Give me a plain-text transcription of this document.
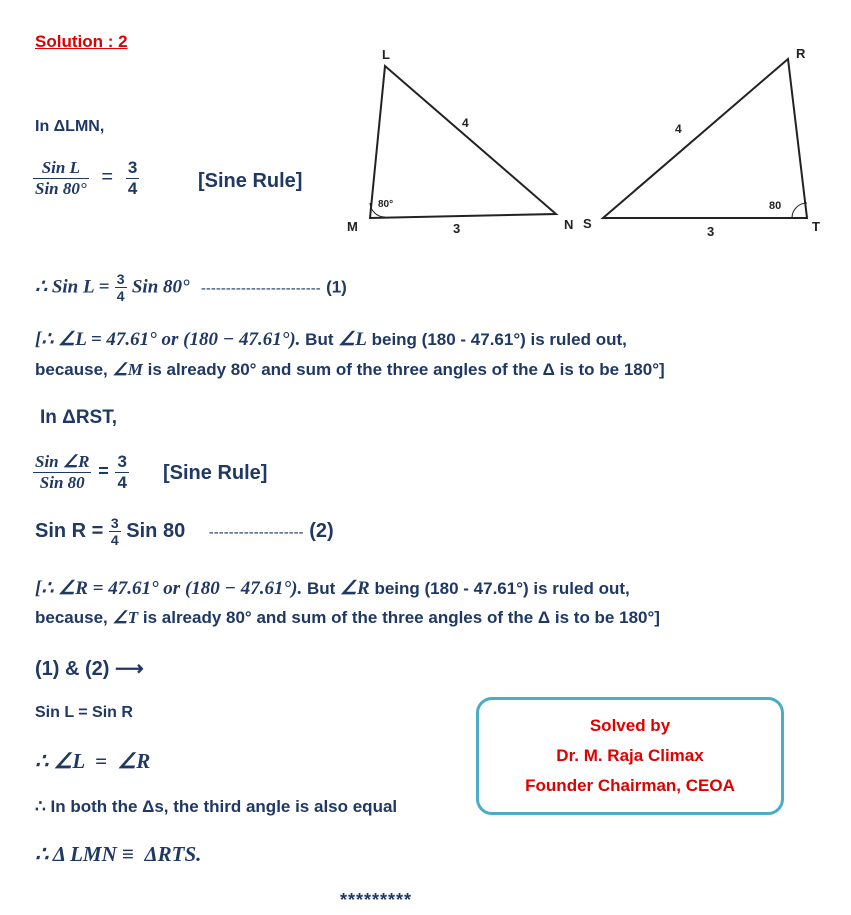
Solution : 2
L
M	N
4
3
80°
R
S	T
4
3
80
In ΔLMN,
$\frac{\text{Sin L}}{\text{Sin 80°}} = \frac{3}{4}$	[Sine Rule]
∴ Sin $L = \frac{3}{4}$ Sin 80° ------------------------ (1)
[∴ ∠L = 47.61° or (180 − 47.61°). But ∠L being (180 - 47.61°) is ruled out,
because, ∠M is already 80° and sum of the three angles of the Δ is to be 180°]
In ΔRST,
$\frac{\text{Sin ∠R}}{\text{Sin 80}} = \frac{3}{4}$ [Sine Rule]
Sin $R = \frac{3}{4}$ Sin 80 ------------------- (2)
[∴ ∠R = 47.61° or (180 − 47.61°). But ∠R being (180 - 47.61°) is ruled out,
because, ∠T is already 80° and sum of the three angles of the Δ is to be 180°]
(1) & (2) ⟶
Sin L = Sin R
∴ ∠L  =  ∠R
∴ In both the Δs, the third angle is also equal
∴ Δ LMN ≡  ΔRTS.
*********
Solved by
Dr. M. Raja Climax
Founder Chairman, CEOA
